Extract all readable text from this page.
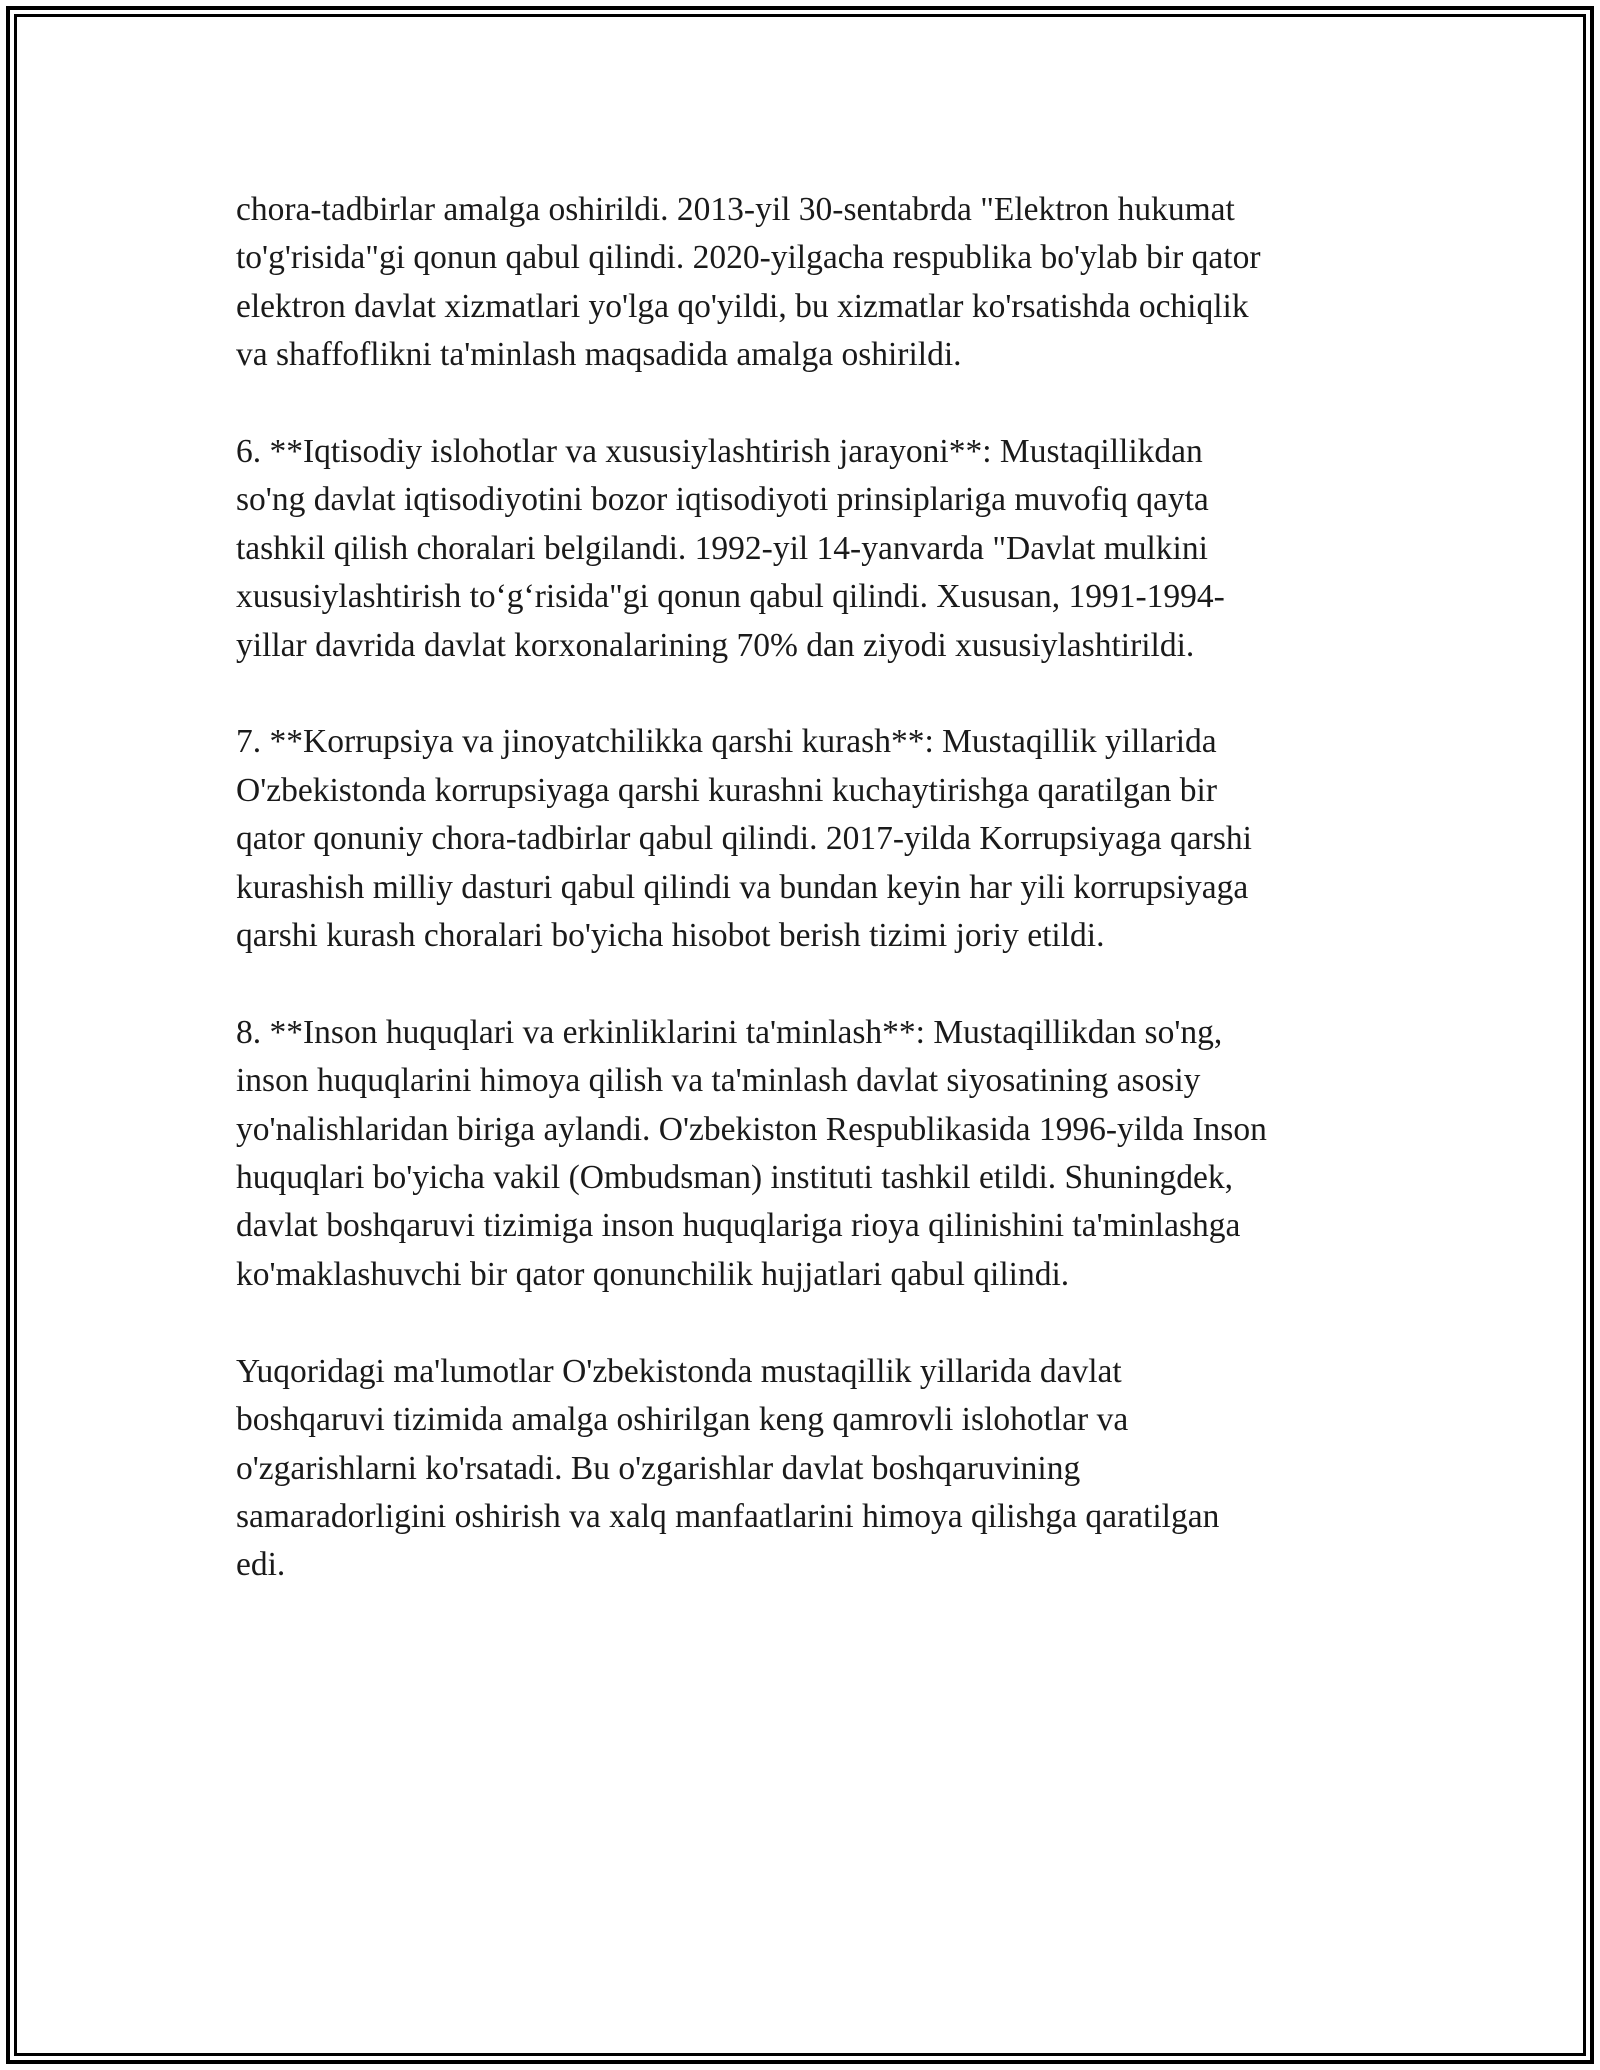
chora-tadbirlar amalga oshirildi. 2013-yil 30-sentabrda "Elektron hukumat
to'g'risida"gi qonun qabul qilindi. 2020-yilgacha respublika bo'ylab bir qator
elektron davlat xizmatlari yo'lga qo'yildi, bu xizmatlar ko'rsatishda ochiqlik
va shaffoflikni ta'minlash maqsadida amalga oshirildi.

6. **Iqtisodiy islohotlar va xususiylashtirish jarayoni**: Mustaqillikdan
so'ng davlat iqtisodiyotini bozor iqtisodiyoti prinsiplariga muvofiq qayta
tashkil qilish choralari belgilandi. 1992-yil 14-yanvarda "Davlat mulkini
xususiylashtirish to‘g‘risida"gi qonun qabul qilindi. Xususan, 1991-1994-
yillar davrida davlat korxonalarining 70% dan ziyodi xususiylashtirildi.

7. **Korrupsiya va jinoyatchilikka qarshi kurash**: Mustaqillik yillarida
O'zbekistonda korrupsiyaga qarshi kurashni kuchaytirishga qaratilgan bir
qator qonuniy chora-tadbirlar qabul qilindi. 2017-yilda Korrupsiyaga qarshi
kurashish milliy dasturi qabul qilindi va bundan keyin har yili korrupsiyaga
qarshi kurash choralari bo'yicha hisobot berish tizimi joriy etildi.

8. **Inson huquqlari va erkinliklarini ta'minlash**: Mustaqillikdan so'ng,
inson huquqlarini himoya qilish va ta'minlash davlat siyosatining asosiy
yo'nalishlaridan biriga aylandi. O'zbekiston Respublikasida 1996-yilda Inson
huquqlari bo'yicha vakil (Ombudsman) instituti tashkil etildi. Shuningdek,
davlat boshqaruvi tizimiga inson huquqlariga rioya qilinishini ta'minlashga
ko'maklashuvchi bir qator qonunchilik hujjatlari qabul qilindi.

Yuqoridagi ma'lumotlar O'zbekistonda mustaqillik yillarida davlat
boshqaruvi tizimida amalga oshirilgan keng qamrovli islohotlar va
o'zgarishlarni ko'rsatadi. Bu o'zgarishlar davlat boshqaruvining
samaradorligini oshirish va xalq manfaatlarini himoya qilishga qaratilgan
edi.
